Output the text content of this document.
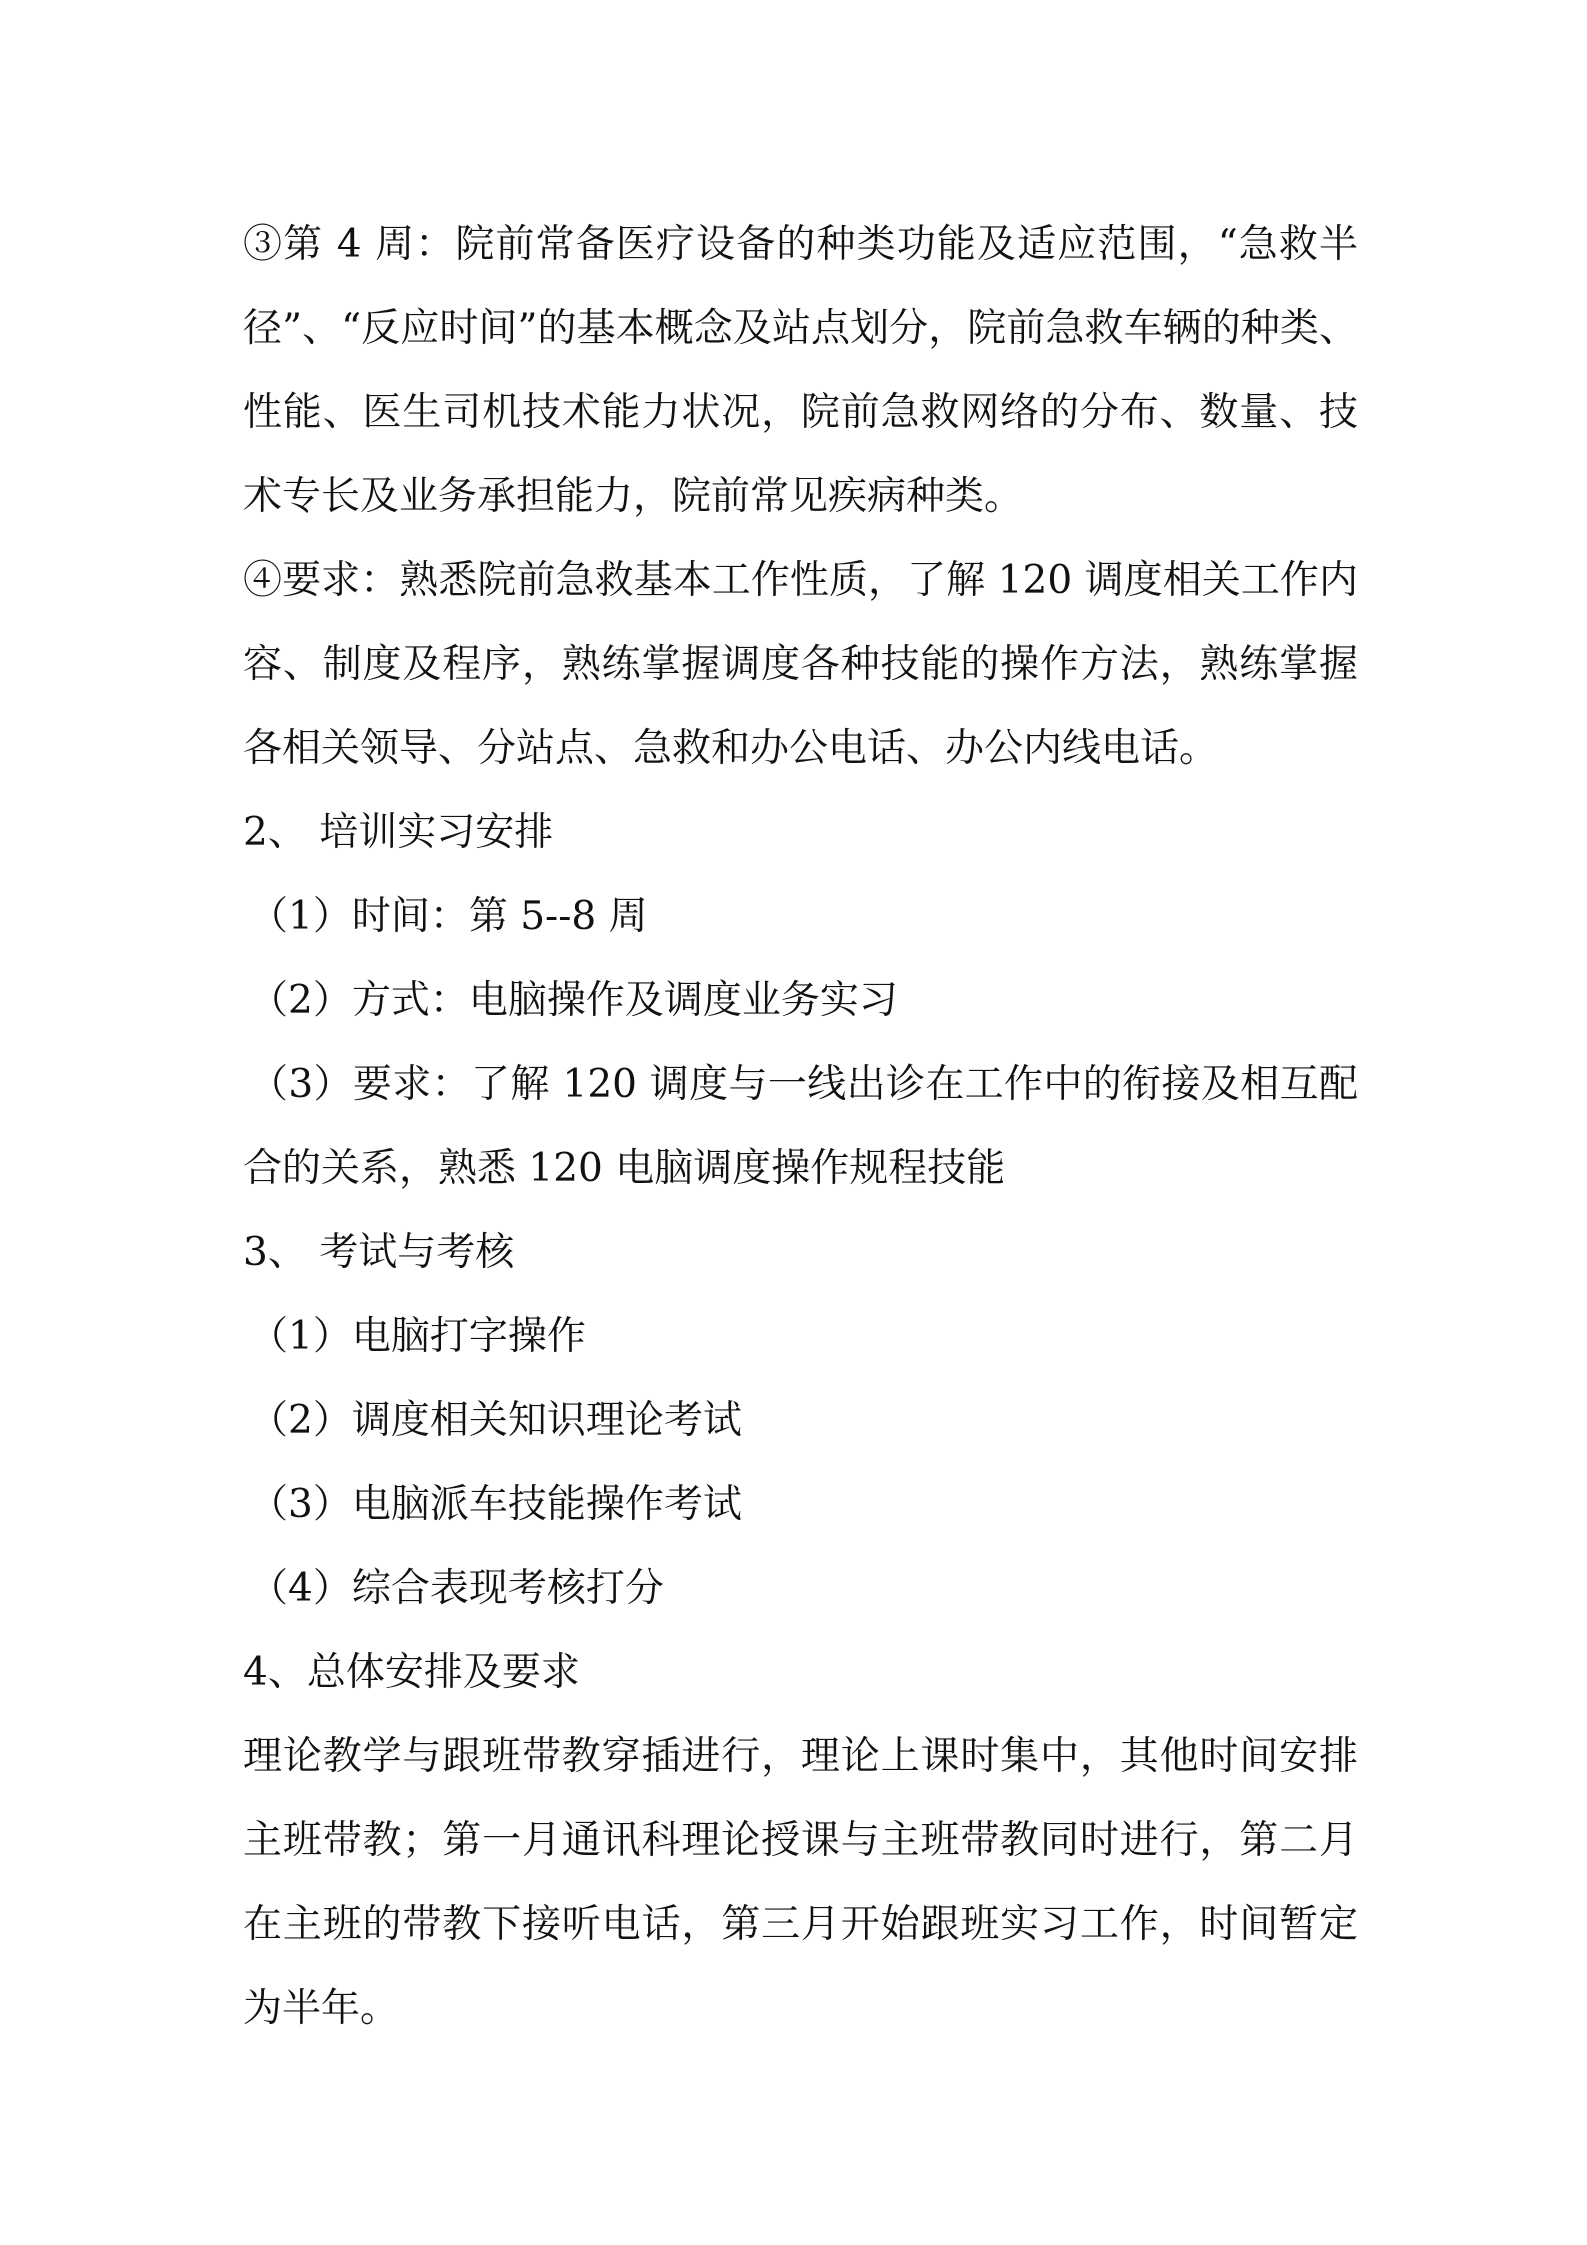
③第 4 周：院前常备医疗设备的种类功能及适应范围，“急救半
径”、“反应时间”的基本概念及站点划分，院前急救车辆的种类、
性能、医生司机技术能力状况，院前急救网络的分布、数量、技
术专长及业务承担能力，院前常见疾病种类。
④要求：熟悉院前急救基本工作性质，了解 120 调度相关工作内
容、制度及程序，熟练掌握调度各种技能的操作方法，熟练掌握
各相关领导、分站点、急救和办公电话、办公内线电话。
2、 培训实习安排
（1）时间：第 5--8 周
（2）方式：电脑操作及调度业务实习
（3）要求：了解 120 调度与一线出诊在工作中的衔接及相互配
合的关系，熟悉 120 电脑调度操作规程技能
3、 考试与考核
（1）电脑打字操作
（2）调度相关知识理论考试
（3）电脑派车技能操作考试
（4）综合表现考核打分
4、总体安排及要求
理论教学与跟班带教穿插进行，理论上课时集中，其他时间安排
主班带教；第一月通讯科理论授课与主班带教同时进行，第二月
在主班的带教下接听电话，第三月开始跟班实习工作，时间暂定
为半年。
